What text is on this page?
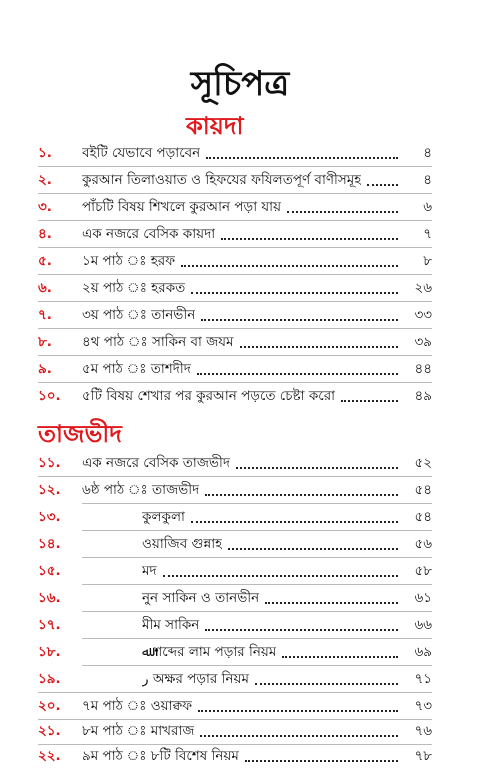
সূচিপত্র
কায়দা
১.	বইটি যেভাবে পড়াবেন	৪
২.	কুরআন তিলাওয়াত ও হিফযের ফযিলতপূর্ণ বাণীসমূহ	৪
৩.	পাঁচটি বিষয় শিখলে কুরআন পড়া যায়	৬
৪.	এক নজরে বেসিক কায়দা	৭
৫.	১ম পাঠ ঃ হরফ	৮
৬.	২য় পাঠ ঃ হরকত	২৬
৭.	৩য় পাঠ ঃ তানভীন	৩৩
৮.	৪থ পাঠ ঃ সাকিন বা জযম	৩৯
৯.	৫ম পাঠ ঃ তাশদীদ	৪৪
১০.	৫টি বিষয় শেখার পর কুরআন পড়তে চেষ্টা করো	৪৯
তাজভীদ
১১.	এক নজরে বেসিক তাজভীদ	৫২
১২.	৬ষ্ঠ পাঠ ঃ তাজভীদ	৫৪
১৩.	কুলকুলা	৫৪
১৪.	ওয়াজিব গুন্নাহ	৫৬
১৫.	মদ	৫৮
১৬.	নুন সাকিন ও তানভীন	৬১
১৭.	মীম সাকিন	৬৬
১৮.	ﷲ শব্দের লাম পড়ার নিয়ম	৬৯
১৯.	ر অক্ষর পড়ার নিয়ম	৭১
২০.	৭ম পাঠ ঃ ওয়াক্বফ	৭৩
২১.	৮ম পাঠ ঃ মাখরাজ	৭৬
২২.	৯ম পাঠ ঃ ৮টি বিশেষ নিয়ম	৭৮
